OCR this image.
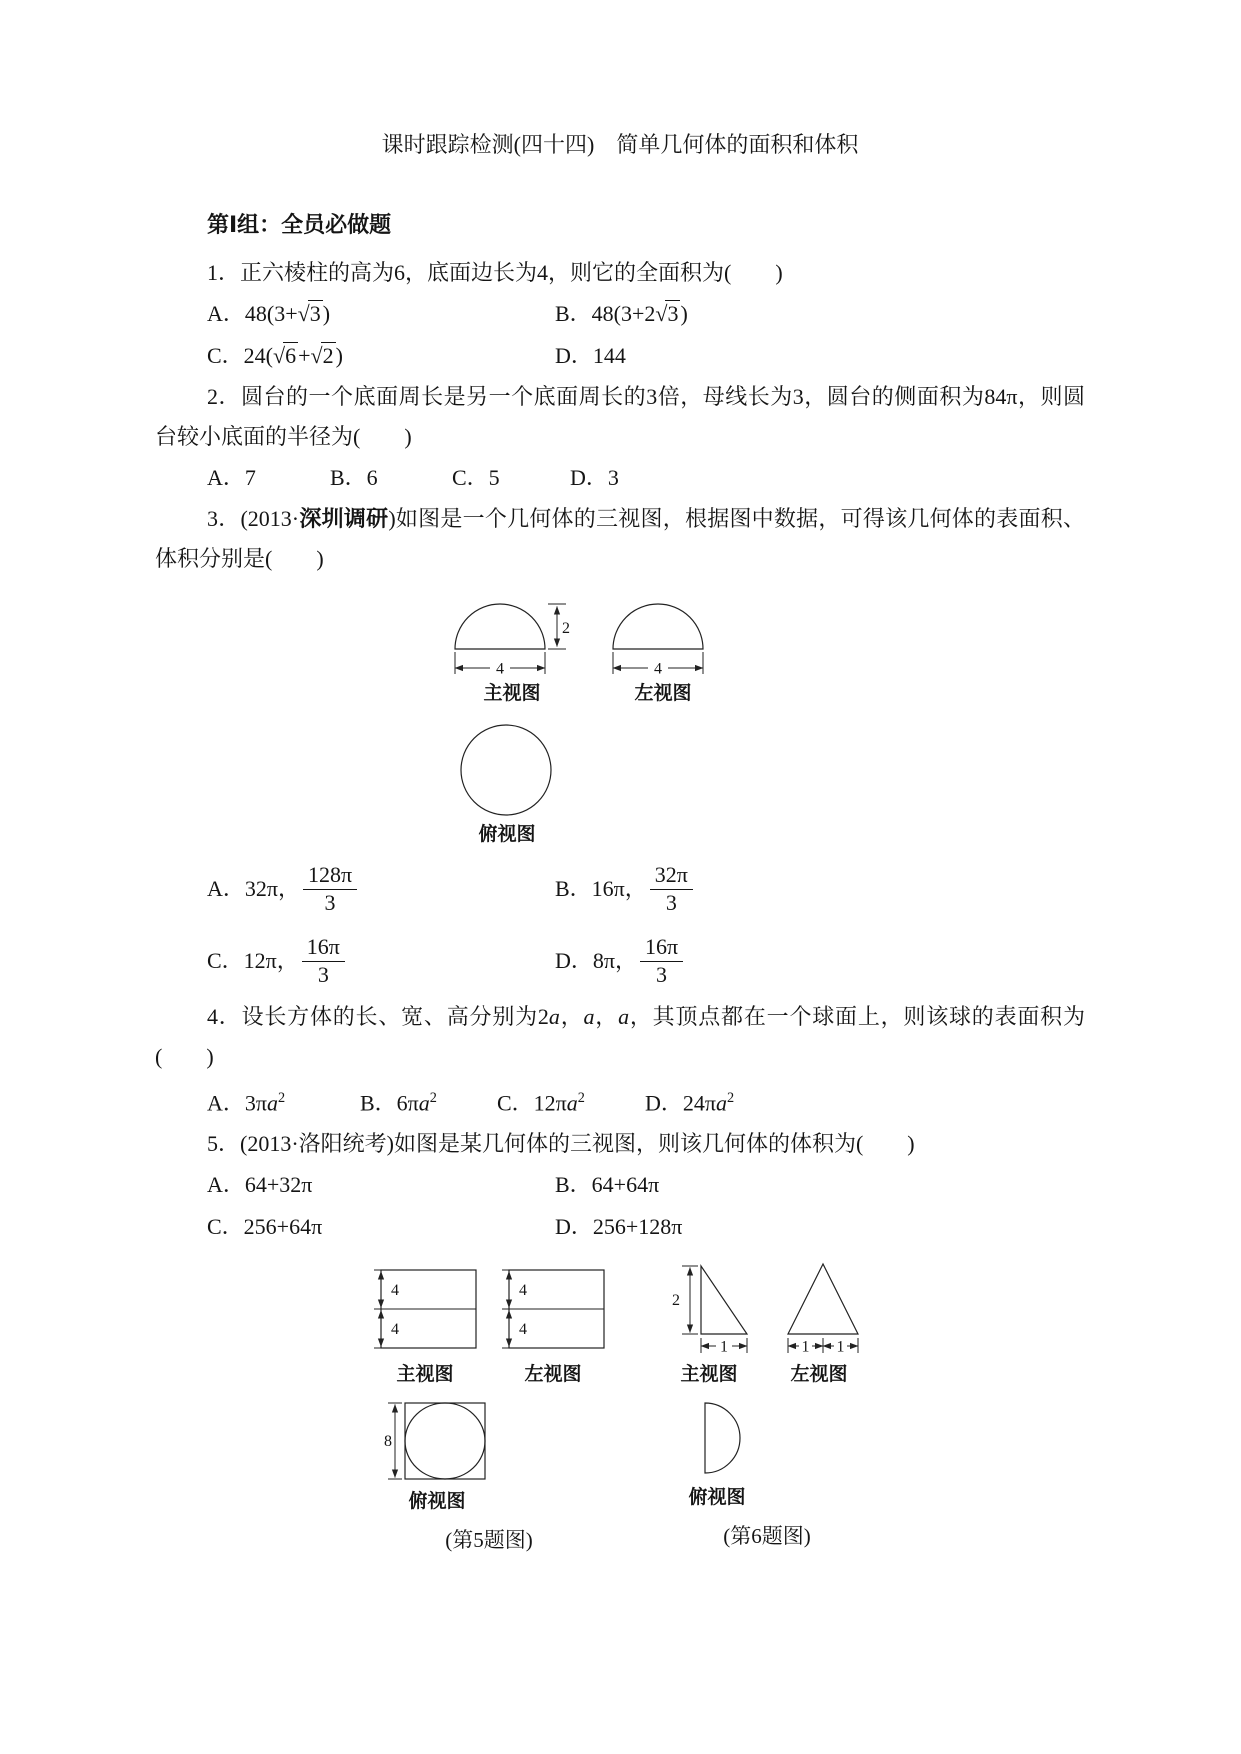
课时跟踪检测(四十四)　简单几何体的面积和体积
第Ⅰ组：全员必做题

1．正六棱柱的高为6，底面边长为4，则它的全面积为(　　)

A．48(3+√3)	B．48(3+2√3)
C．24(√6+√2)	D．144

2．圆台的一个底面周长是另一个底面周长的3倍，母线长为3，圆台的侧面积为84π，则圆台较小底面的半径为(　　)

A．7	B．6	C．5	D．3

3．(2013·深圳调研)如图是一个几何体的三视图，根据图中数据，可得该几何体的表面积、体积分别是(　　)

2
4
主视图
4
左视图
俯视图
A．32π， $\frac{128\pi}{3}$	B．16π， $\frac{32\pi}{3}$
C．12π， $\frac{16\pi}{3}$	D．8π， $\frac{16\pi}{3}$

4．设长方体的长、宽、高分别为2a，a，a，其顶点都在一个球面上，则该球的表面积为(　　)

A．$3\pi a^2$	B．$6\pi a^2$	C．$12\pi a^2$	D．$24\pi a^2$

5．(2013·洛阳统考)如图是某几何体的三视图，则该几何体的体积为(　　)

A．64+32π	B．64+64π
C．256+64π	D．256+128π
4
4
主视图
4
4
左视图
8
俯视图
(第5题图)
2
1
主视图
1 1
左视图
俯视图
(第6题图)
